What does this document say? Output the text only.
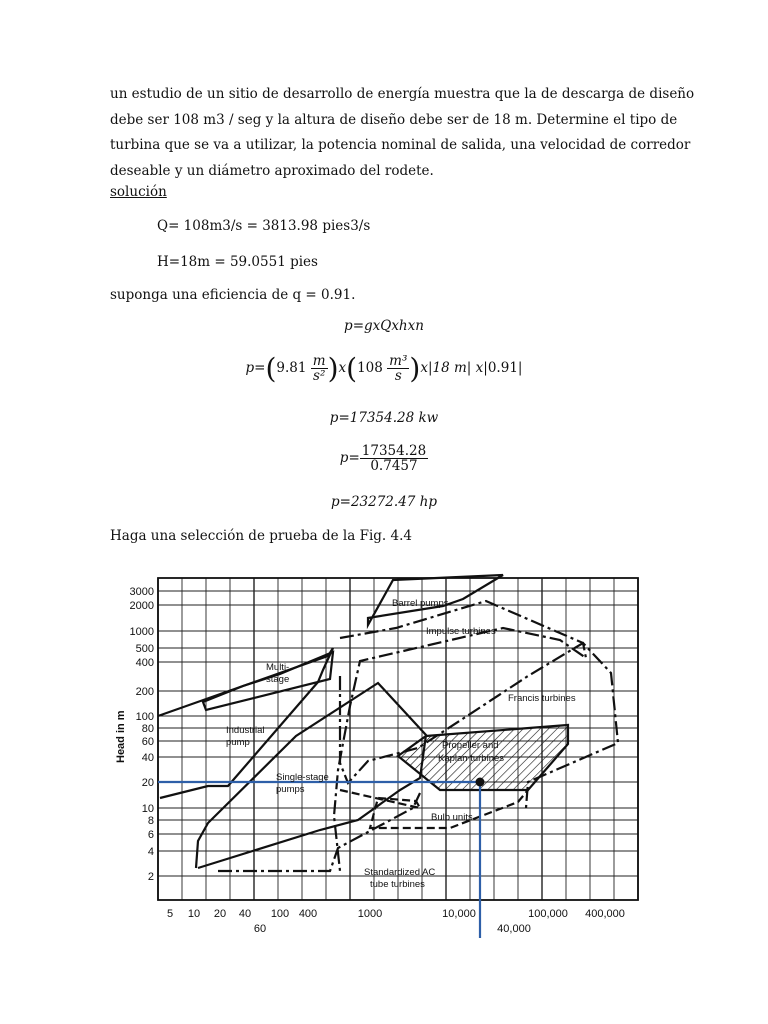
un estudio de un sitio de desarrollo de energía muestra que la de descarga de diseño
debe ser 108 m3 / seg y la altura de diseño debe ser de 18 m. Determine el tipo de
turbina que se va a utilizar, la potencia nominal de salida, una velocidad de corredor
deseable y un diámetro aproximado del rodete.

solución
Q= 108m3/s = 3813.98 pies3/s
H=18m = 59.0551 pies
suponga una eficiencia de q = 0.91.
p=gxQxhxn
$p=(9.81 \frac{m}{\text{s²}} )x(108 \frac{\text{m³}}{s} )x|18$ m| x|0.91|
p=17354.28 kw
$p= \frac{17354.28}{0.7457}$
p=23272.47 hp
Haga una selección de prueba de la Fig. 4.4
3000
2000
1000
500
400
200
100
80
60
40
20
10
8
6
4
2
5 10 20 40 100 400	1000	10,000	100,000 400,000
60	40,000
Barrel pumps
Impulse turbines
Multi-
stage
Francis turbines
Industrial
pump	Propeller and
Kaplan turbines
Single-stage
pumps
Bulb units
Standardized AC
tube turbines
Head in m
